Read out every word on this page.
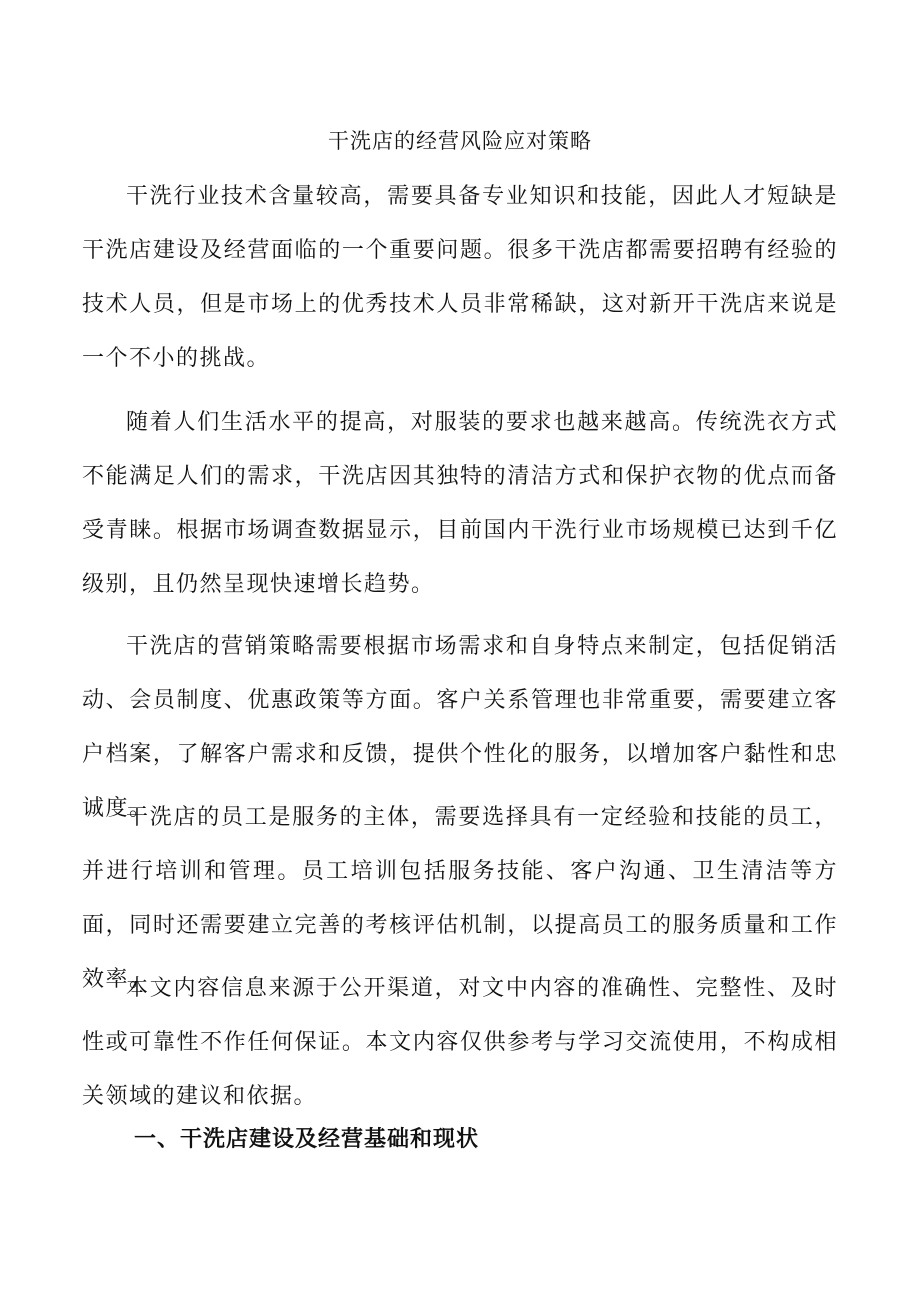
干洗店的经营风险应对策略

干洗行业技术含量较高，需要具备专业知识和技能，因此人才短缺是干洗店建设及经营面临的一个重要问题。很多干洗店都需要招聘有经验的技术人员，但是市场上的优秀技术人员非常稀缺，这对新开干洗店来说是一个不小的挑战。

随着人们生活水平的提高，对服装的要求也越来越高。传统洗衣方式不能满足人们的需求，干洗店因其独特的清洁方式和保护衣物的优点而备受青睐。根据市场调查数据显示，目前国内干洗行业市场规模已达到千亿级别，且仍然呈现快速增长趋势。

干洗店的营销策略需要根据市场需求和自身特点来制定，包括促销活动、会员制度、优惠政策等方面。客户关系管理也非常重要，需要建立客户档案，了解客户需求和反馈，提供个性化的服务，以增加客户黏性和忠诚度。

干洗店的员工是服务的主体，需要选择具有一定经验和技能的员工，并进行培训和管理。员工培训包括服务技能、客户沟通、卫生清洁等方面，同时还需要建立完善的考核评估机制，以提高员工的服务质量和工作效率。

本文内容信息来源于公开渠道，对文中内容的准确性、完整性、及时性或可靠性不作任何保证。本文内容仅供参考与学习交流使用，不构成相关领域的建议和依据。

一、干洗店建设及经营基础和现状
